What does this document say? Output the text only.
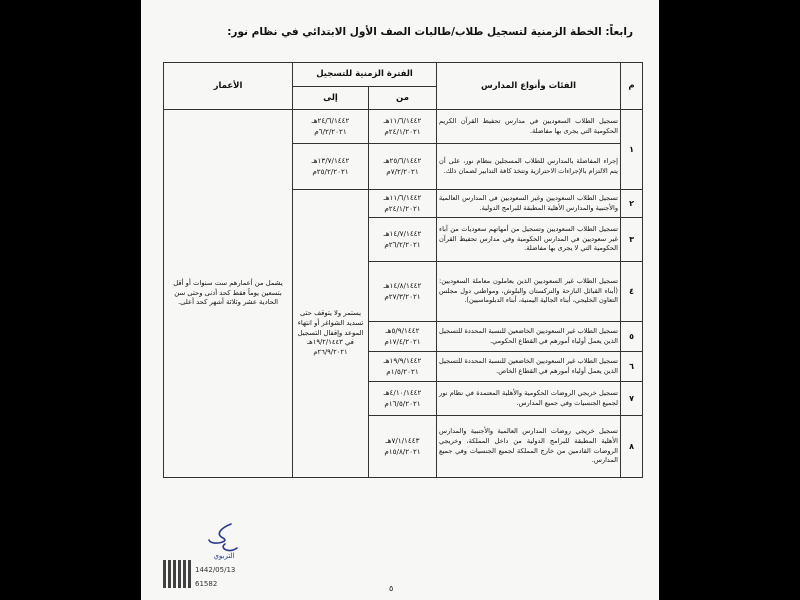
رابعاً: الخطة الزمنية لتسجيل طلاب/طالبات الصف الأول الابتدائي في نظام نور:
م	الفئات وأنواع المدارس	الفترة الزمنية للتسجيل		الأعمار
		من	إلى	
١	تسجيل الطلاب السعوديين في مدارس تحفيظ القرآن الكريم الحكومية التي يجرى بها مفاضلة.	١١/٦/١٤٤٢هـ ٢٤/١/٢٠٢١م	٢٤/٦/١٤٤٢هـ ٦/٢/٢٠٢١م	يشمل من أعمارهم ست سنوات أو أقل بتسعين يوماً فقط كحد أدنى وحتى سن الحادية عشر وثلاثة أشهر كحد أعلى.
	إجراء المفاضلة بالمدارس للطلاب المسجلين بنظام نور، على أن يتم الالتزام بالإجراءات الاحترازية وتتخذ كافة التدابير لضمان ذلك.	٢٥/٦/١٤٤٢هـ ٧/٢/٢٠٢١م	١٣/٧/١٤٤٢هـ ٢٥/٢/٢٠٢١م	
٢	تسجيل الطلاب السعوديين وغير السعوديين في المدارس العالمية والأجنبية والمدارس الأهلية المطبقة للبرامج الدولية.	١١/٦/١٤٤٢هـ ٢٤/١/٢٠٢١م	يستمر ولا يتوقف حتى تسديد الشواغر أو انتهاء الموعد وإقفال التسجيل في ١٩/٢/١٤٤٣هـ ٢٦/٩/٢٠٢١م	
٣	تسجيل الطلاب السعوديين وتسجيل من أمهاتهم سعوديات من آباء غير سعوديين في المدارس الحكومية وفي مدارس تحفيظ القرآن الحكومية التي لا يجرى بها مفاضلة.	١٤/٧/١٤٤٢هـ ٢٦/٢/٢٠٢١م		
٤	تسجيل الطلاب غير السعوديين الذين يعاملون معاملة السعوديين: (أبناء القبائل النازحة والتركستان والبلوش، ومواطني دول مجلس التعاون الخليجي، أبناء الجالية اليمنية، أبناء الدبلوماسيين).	١٤/٨/١٤٤٢هـ ٢٧/٣/٢٠٢١م		
٥	تسجيل الطلاب غير السعوديين الخاضعين للنسبة المحددة للتسجيل الذين يعمل أولياء أمورهم في القطاع الحكومي.	٥/٩/١٤٤٢هـ ١٧/٤/٢٠٢١م		
٦	تسجيل الطلاب غير السعوديين الخاضعين للنسبة المحددة للتسجيل الذين يعمل أولياء أمورهم في القطاع الخاص.	١٩/٩/١٤٤٢هـ ١/٥/٢٠٢١م		
٧	تسجيل خريجي الروضات الحكومية والأهلية المعتمدة في نظام نور لجميع الجنسيات وفي جميع المدارس.	٤/١٠/١٤٤٢هـ ١٦/٥/٢٠٢١م		
٨	تسجيل خريجي روضات المدارس العالمية والأجنبية والمدارس الأهلية المطبقة للبرامج الدولية من داخل المملكة، وخريجي الروضات القادمين من خارج المملكة لجميع الجنسيات وفي جميع المدارس.	٧/١/١٤٤٣هـ ١٥/٨/٢٠٢١م		
التربوي
1442/05/13
61582	٥
